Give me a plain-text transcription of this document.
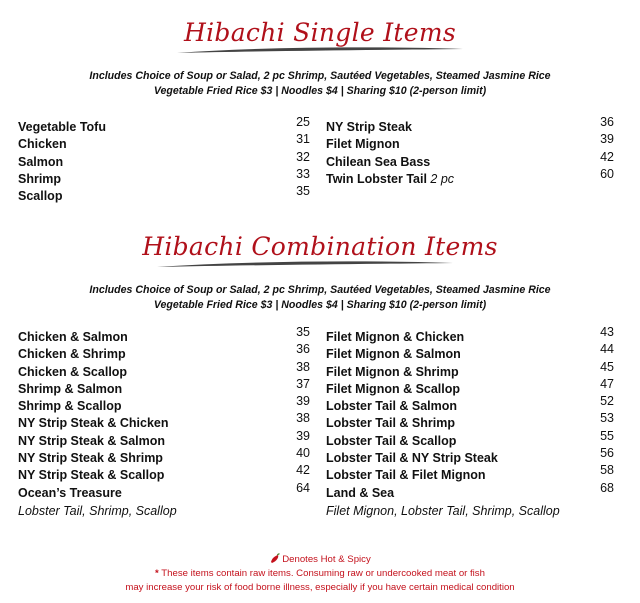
Hibachi Single Items
Includes Choice of Soup or Salad, 2 pc Shrimp, Sautéed Vegetables, Steamed Jasmine Rice
Vegetable Fried Rice $3 | Noodles $4 | Sharing $10 (2-person limit)
Vegetable Tofu	25
Chicken	31
Salmon	32
Shrimp	33
Scallop	35
NY Strip Steak	36
Filet Mignon	39
Chilean Sea Bass	42
Twin Lobster Tail 2 pc	60
Hibachi Combination Items
Includes Choice of Soup or Salad, 2 pc Shrimp, Sautéed Vegetables, Steamed Jasmine Rice
Vegetable Fried Rice $3 | Noodles $4 | Sharing $10 (2-person limit)
Chicken & Salmon	35
Chicken & Shrimp	36
Chicken & Scallop	38
Shrimp & Salmon	37
Shrimp & Scallop	39
NY Strip Steak & Chicken	38
NY Strip Steak & Salmon	39
NY Strip Steak & Shrimp	40
NY Strip Steak & Scallop	42
Ocean’s Treasure	64
Lobster Tail, Shrimp, Scallop
Filet Mignon & Chicken	43
Filet Mignon & Salmon	44
Filet Mignon & Shrimp	45
Filet Mignon & Scallop	47
Lobster Tail & Salmon	52
Lobster Tail & Shrimp	53
Lobster Tail & Scallop	55
Lobster Tail & NY Strip Steak	56
Lobster Tail & Filet Mignon	58
Land & Sea	68
Filet Mignon, Lobster Tail, Shrimp, Scallop
Denotes Hot & Spicy
* These items contain raw items. Consuming raw or undercooked meat or fish
may increase your risk of food borne illness, especially if you have certain medical condition
